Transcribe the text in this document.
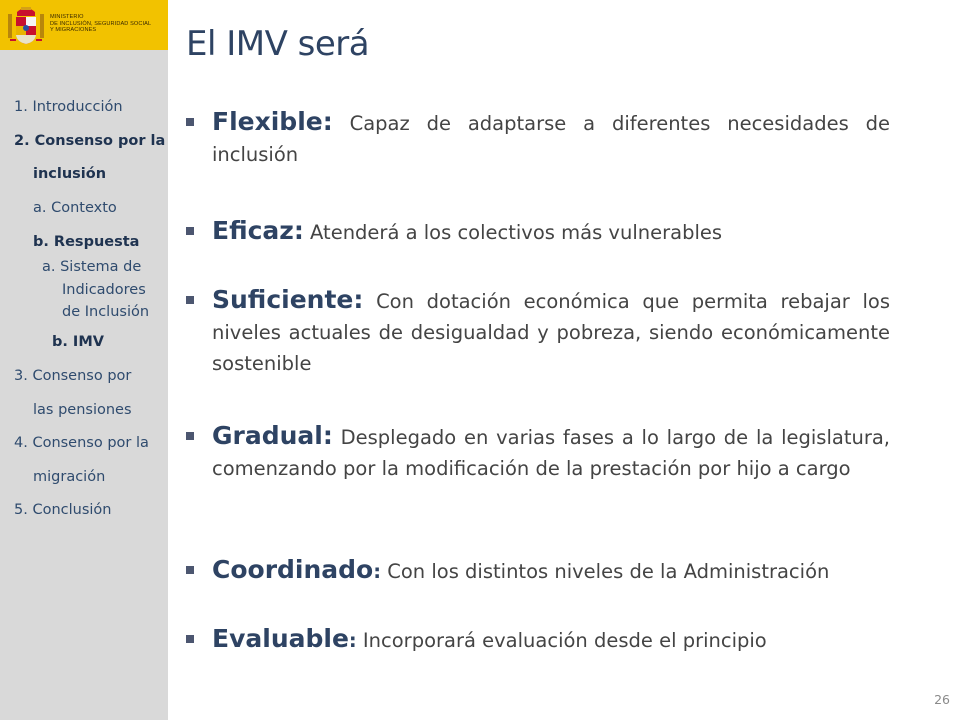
MINISTERIO
DE INCLUSIÓN, SEGURIDAD SOCIAL
Y MIGRACIONES
1. Introducción
2. Consenso por la
inclusión
a. Contexto
b. Respuesta
a. Sistema de
Indicadores
de Inclusión
b. IMV
3. Consenso por
las pensiones
4. Consenso por la
migración
5. Conclusión
El IMV será
Flexible: Capaz de adaptarse a diferentes necesidades de inclusión
Eficaz: Atenderá a los colectivos más vulnerables
Suficiente: Con dotación económica que permita rebajar los niveles actuales de desigualdad y pobreza, siendo económicamente sostenible
Gradual: Desplegado en varias fases a lo largo de la legislatura, comenzando por la modificación de la prestación por hijo a cargo
Coordinado: Con los distintos niveles de la Administración
Evaluable: Incorporará evaluación desde el principio
26
